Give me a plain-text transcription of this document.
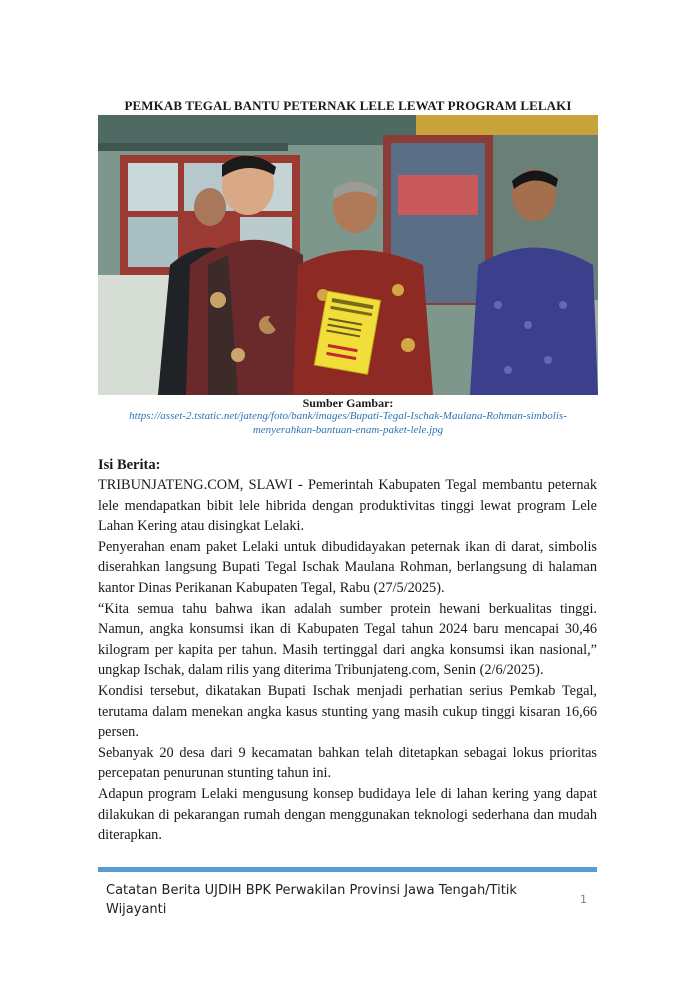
PEMKAB TEGAL BANTU PETERNAK LELE LEWAT PROGRAM LELAKI
Sumber Gambar:
https://asset-2.tstatic.net/jateng/foto/bank/images/Bupati-Tegal-Ischak-Maulana-Rohman-simbolis-menyerahkan-bantuan-enam-paket-lele.jpg
Isi Berita:

TRIBUNJATENG.COM, SLAWI - Pemerintah Kabupaten Tegal membantu peternak lele mendapatkan bibit lele hibrida dengan produktivitas tinggi lewat program Lele Lahan Kering atau disingkat Lelaki.

Penyerahan enam paket Lelaki untuk dibudidayakan peternak ikan di darat, simbolis diserahkan langsung Bupati Tegal Ischak Maulana Rohman, berlangsung di halaman kantor Dinas Perikanan Kabupaten Tegal, Rabu (27/5/2025).

“Kita semua tahu bahwa ikan adalah sumber protein hewani berkualitas tinggi. Namun, angka konsumsi ikan di Kabupaten Tegal tahun 2024 baru mencapai 30,46 kilogram per kapita per tahun. Masih tertinggal dari angka konsumsi ikan nasional,” ungkap Ischak, dalam rilis yang diterima Tribunjateng.com, Senin (2/6/2025).

Kondisi tersebut, dikatakan Bupati Ischak menjadi perhatian serius Pemkab Tegal, terutama dalam menekan angka kasus stunting yang masih cukup tinggi kisaran 16,66 persen.

Sebanyak 20 desa dari 9 kecamatan bahkan telah ditetapkan sebagai lokus prioritas percepatan penurunan stunting tahun ini.

Adapun program Lelaki mengusung konsep budidaya lele di lahan kering yang dapat dilakukan di pekarangan rumah dengan menggunakan teknologi sederhana dan mudah diterapkan.

Catatan Berita UJDIH BPK Perwakilan Provinsi Jawa Tengah/Titik Wijayanti
1
